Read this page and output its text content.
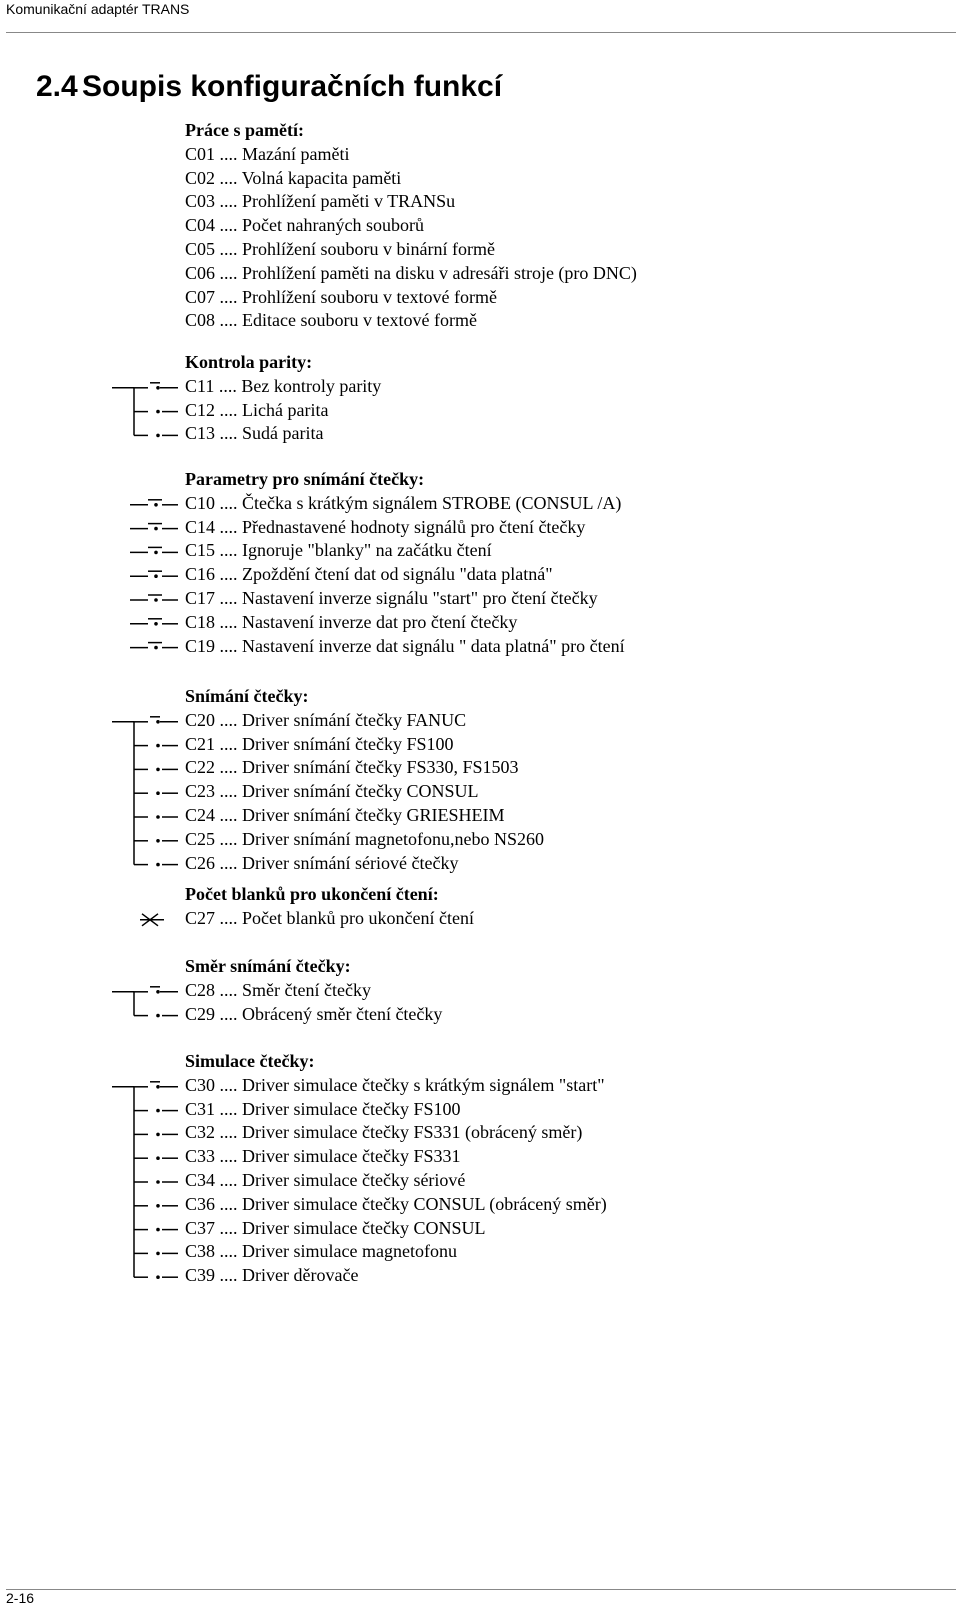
Komunikační adaptér TRANS
2.4 Soupis konfiguračních funkcí
Práce s pamětí:
C01 .... Mazání paměti
C02 .... Volná kapacita paměti
C03 .... Prohlížení paměti v TRANSu
C04 .... Počet nahraných souborů
C05 .... Prohlížení souboru v binární formě
C06 .... Prohlížení paměti na disku v adresáři stroje (pro DNC)
C07 .... Prohlížení souboru v textové formě
C08 .... Editace souboru v textové formě
Kontrola parity:
C11 .... Bez kontroly parity
C12 .... Lichá parita
C13 .... Sudá parita
Parametry pro snímání čtečky:
C10 .... Čtečka s krátkým signálem STROBE (CONSUL /A)
C14 .... Přednastavené hodnoty signálů pro čtení čtečky
C15 .... Ignoruje "blanky" na začátku čtení
C16 .... Zpoždění čtení dat od signálu "data platná"
C17 .... Nastavení inverze signálu "start" pro čtení čtečky
C18 .... Nastavení inverze dat pro čtení čtečky
C19 .... Nastavení inverze dat signálu " data platná" pro čtení
Snímání čtečky:
C20 .... Driver snímání čtečky FANUC
C21 .... Driver snímání čtečky FS100
C22 .... Driver snímání čtečky FS330, FS1503
C23 .... Driver snímání čtečky CONSUL
C24 .... Driver snímání čtečky GRIESHEIM
C25 .... Driver snímání magnetofonu,nebo NS260
C26 .... Driver snímání sériové čtečky
Počet blanků pro ukončení čtení:
C27 .... Počet blanků pro ukončení čtení
Směr snímání čtečky:
C28 .... Směr čtení čtečky
C29 .... Obrácený směr čtení čtečky
Simulace čtečky:
C30 .... Driver simulace čtečky s krátkým signálem "start"
C31 .... Driver simulace čtečky FS100
C32 .... Driver simulace čtečky FS331 (obrácený směr)
C33 .... Driver simulace čtečky FS331
C34 .... Driver simulace čtečky sériové
C36 .... Driver simulace čtečky CONSUL (obrácený směr)
C37 .... Driver simulace čtečky CONSUL
C38 .... Driver simulace magnetofonu
C39 .... Driver děrovače
2-16
